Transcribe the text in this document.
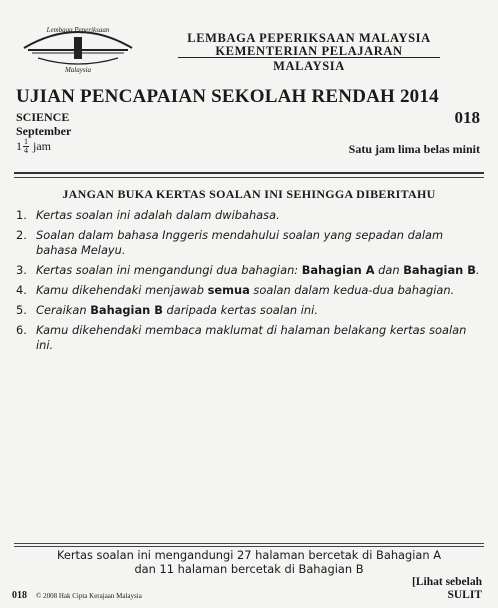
Lembaga Peperiksaan
Malaysia
LEMBAGA PEPERIKSAAN MALAYSIA
KEMENTERIAN PELAJARAN MALAYSIA
UJIAN PENCAPAIAN SEKOLAH RENDAH 2014
018
SCIENCE
September
1 1
4 jam	Satu jam lima belas minit
JANGAN BUKA KERTAS SOALAN INI SEHINGGA DIBERITAHU
1. Kertas soalan ini adalah dalam dwibahasa.
2. Soalan dalam bahasa Inggeris mendahului soalan yang sepadan dalam bahasa Melayu.
3. Kertas soalan ini mengandungi dua bahagian: Bahagian A dan Bahagian B.
4. Kamu dikehendaki menjawab semua soalan dalam kedua-dua bahagian.
5. Ceraikan Bahagian B daripada kertas soalan ini.
6. Kamu dikehendaki membaca maklumat di halaman belakang kertas soalan ini.
Kertas soalan ini mengandungi 27 halaman bercetak di Bahagian A
dan 11 halaman bercetak di Bahagian B
018 © 2008 Hak Cipta Kerajaan Malaysia
[Lihat sebelah
SULIT
